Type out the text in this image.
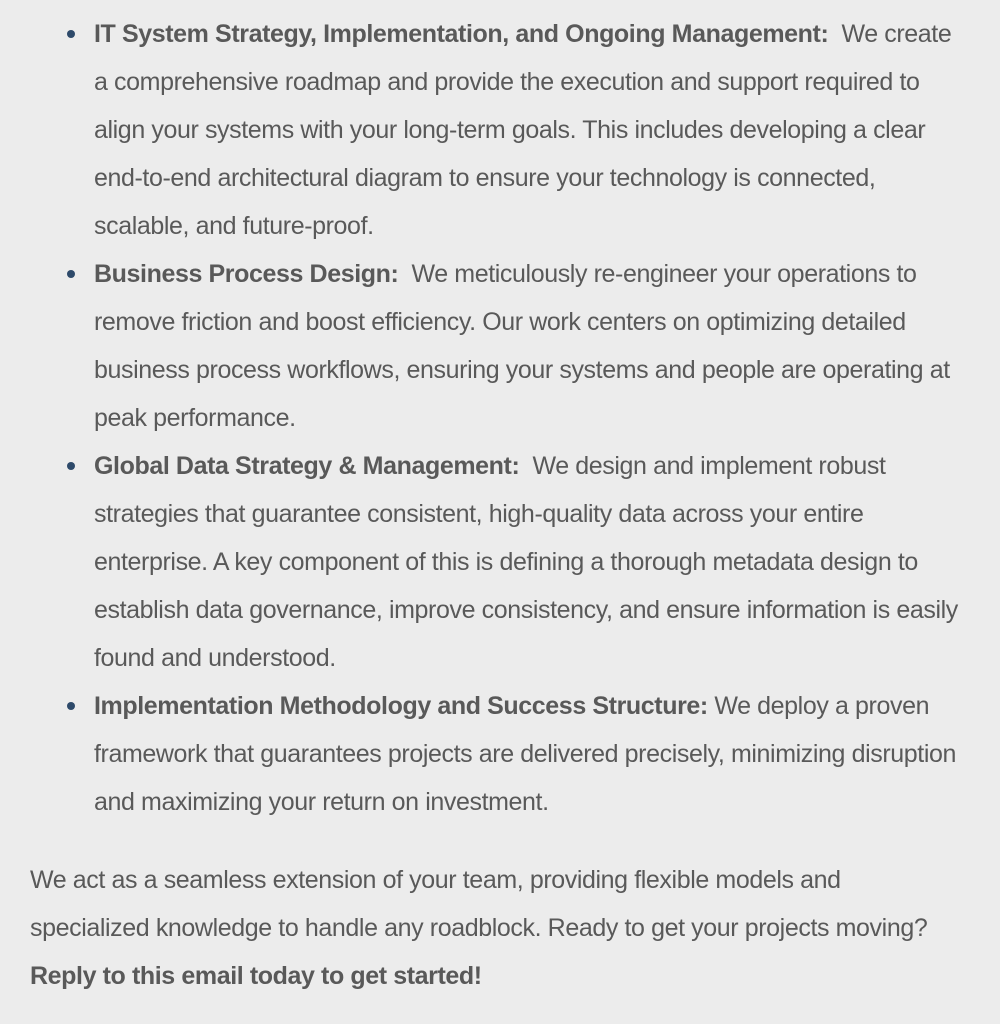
IT System Strategy, Implementation, and Ongoing Management:  We create a comprehensive roadmap and provide the execution and support required to align your systems with your long-term goals. This includes developing a clear end-to-end architectural diagram to ensure your technology is connected, scalable, and future-proof.
Business Process Design:  We meticulously re-engineer your operations to remove friction and boost efficiency. Our work centers on optimizing detailed business process workflows, ensuring your systems and people are operating at peak performance.
Global Data Strategy & Management:  We design and implement robust strategies that guarantee consistent, high-quality data across your entire enterprise. A key component of this is defining a thorough metadata design to establish data governance, improve consistency, and ensure information is easily found and understood.
Implementation Methodology and Success Structure: We deploy a proven framework that guarantees projects are delivered precisely, minimizing disruption and maximizing your return on investment.

We act as a seamless extension of your team, providing flexible models and specialized knowledge to handle any roadblock. Ready to get your projects moving?  Reply to this email today to get started!
